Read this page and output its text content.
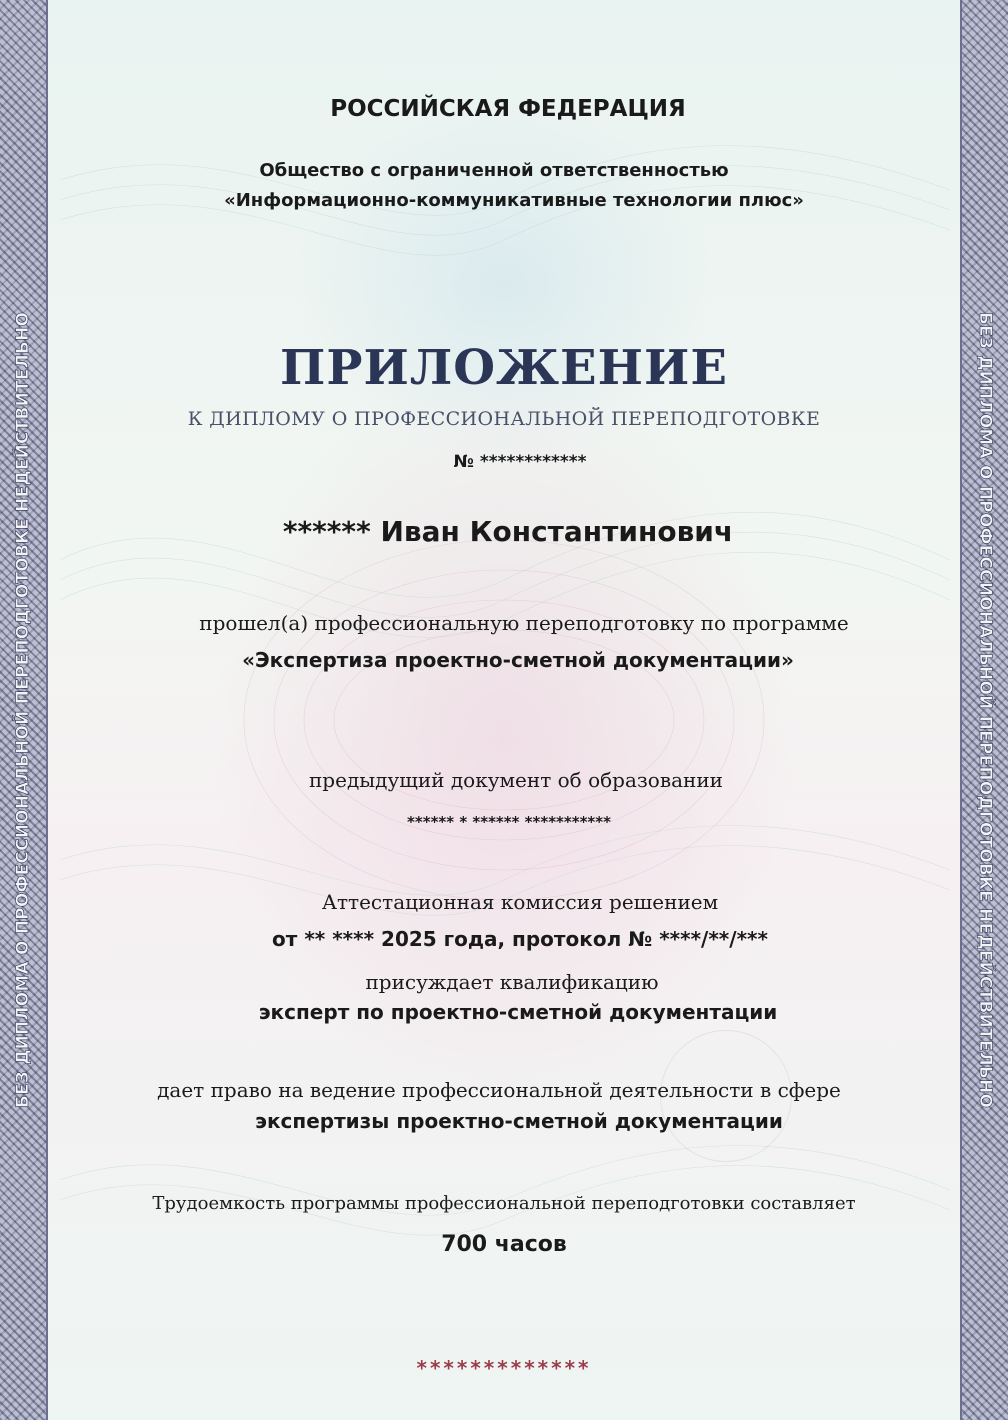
БЕЗ ДИПЛОМА О ПРОФЕССИОНАЛЬНОЙ ПЕРЕПОДГОТОВКЕ НЕДЕЙСТВИТЕЛЬНО	БЕЗ ДИПЛОМА О ПРОФЕССИОНАЛЬНОЙ ПЕРЕПОДГОТОВКЕ НЕДЕЙСТВИТЕЛЬНО
РОССИЙСКАЯ ФЕДЕРАЦИЯ
Общество с ограниченной ответственностью
«Информационно-коммуникативные технологии плюс»
ПРИЛОЖЕНИЕ
К ДИПЛОМУ О ПРОФЕССИОНАЛЬНОЙ ПЕРЕПОДГОТОВКЕ
№ ************
****** Иван Константинович
прошел(а) профессиональную переподготовку по программе
«Экспертиза проектно-сметной документации»
предыдущий документ об образовании
****** * ****** ***********
Аттестационная комиссия решением
от ** **** 2025 года, протокол № ****/**/***
присуждает квалификацию
эксперт по проектно-сметной документации
дает право на ведение профессиональной деятельности в сфере
экспертизы проектно-сметной документации
Трудоемкость программы профессиональной переподготовки составляет
700 часов
*************
